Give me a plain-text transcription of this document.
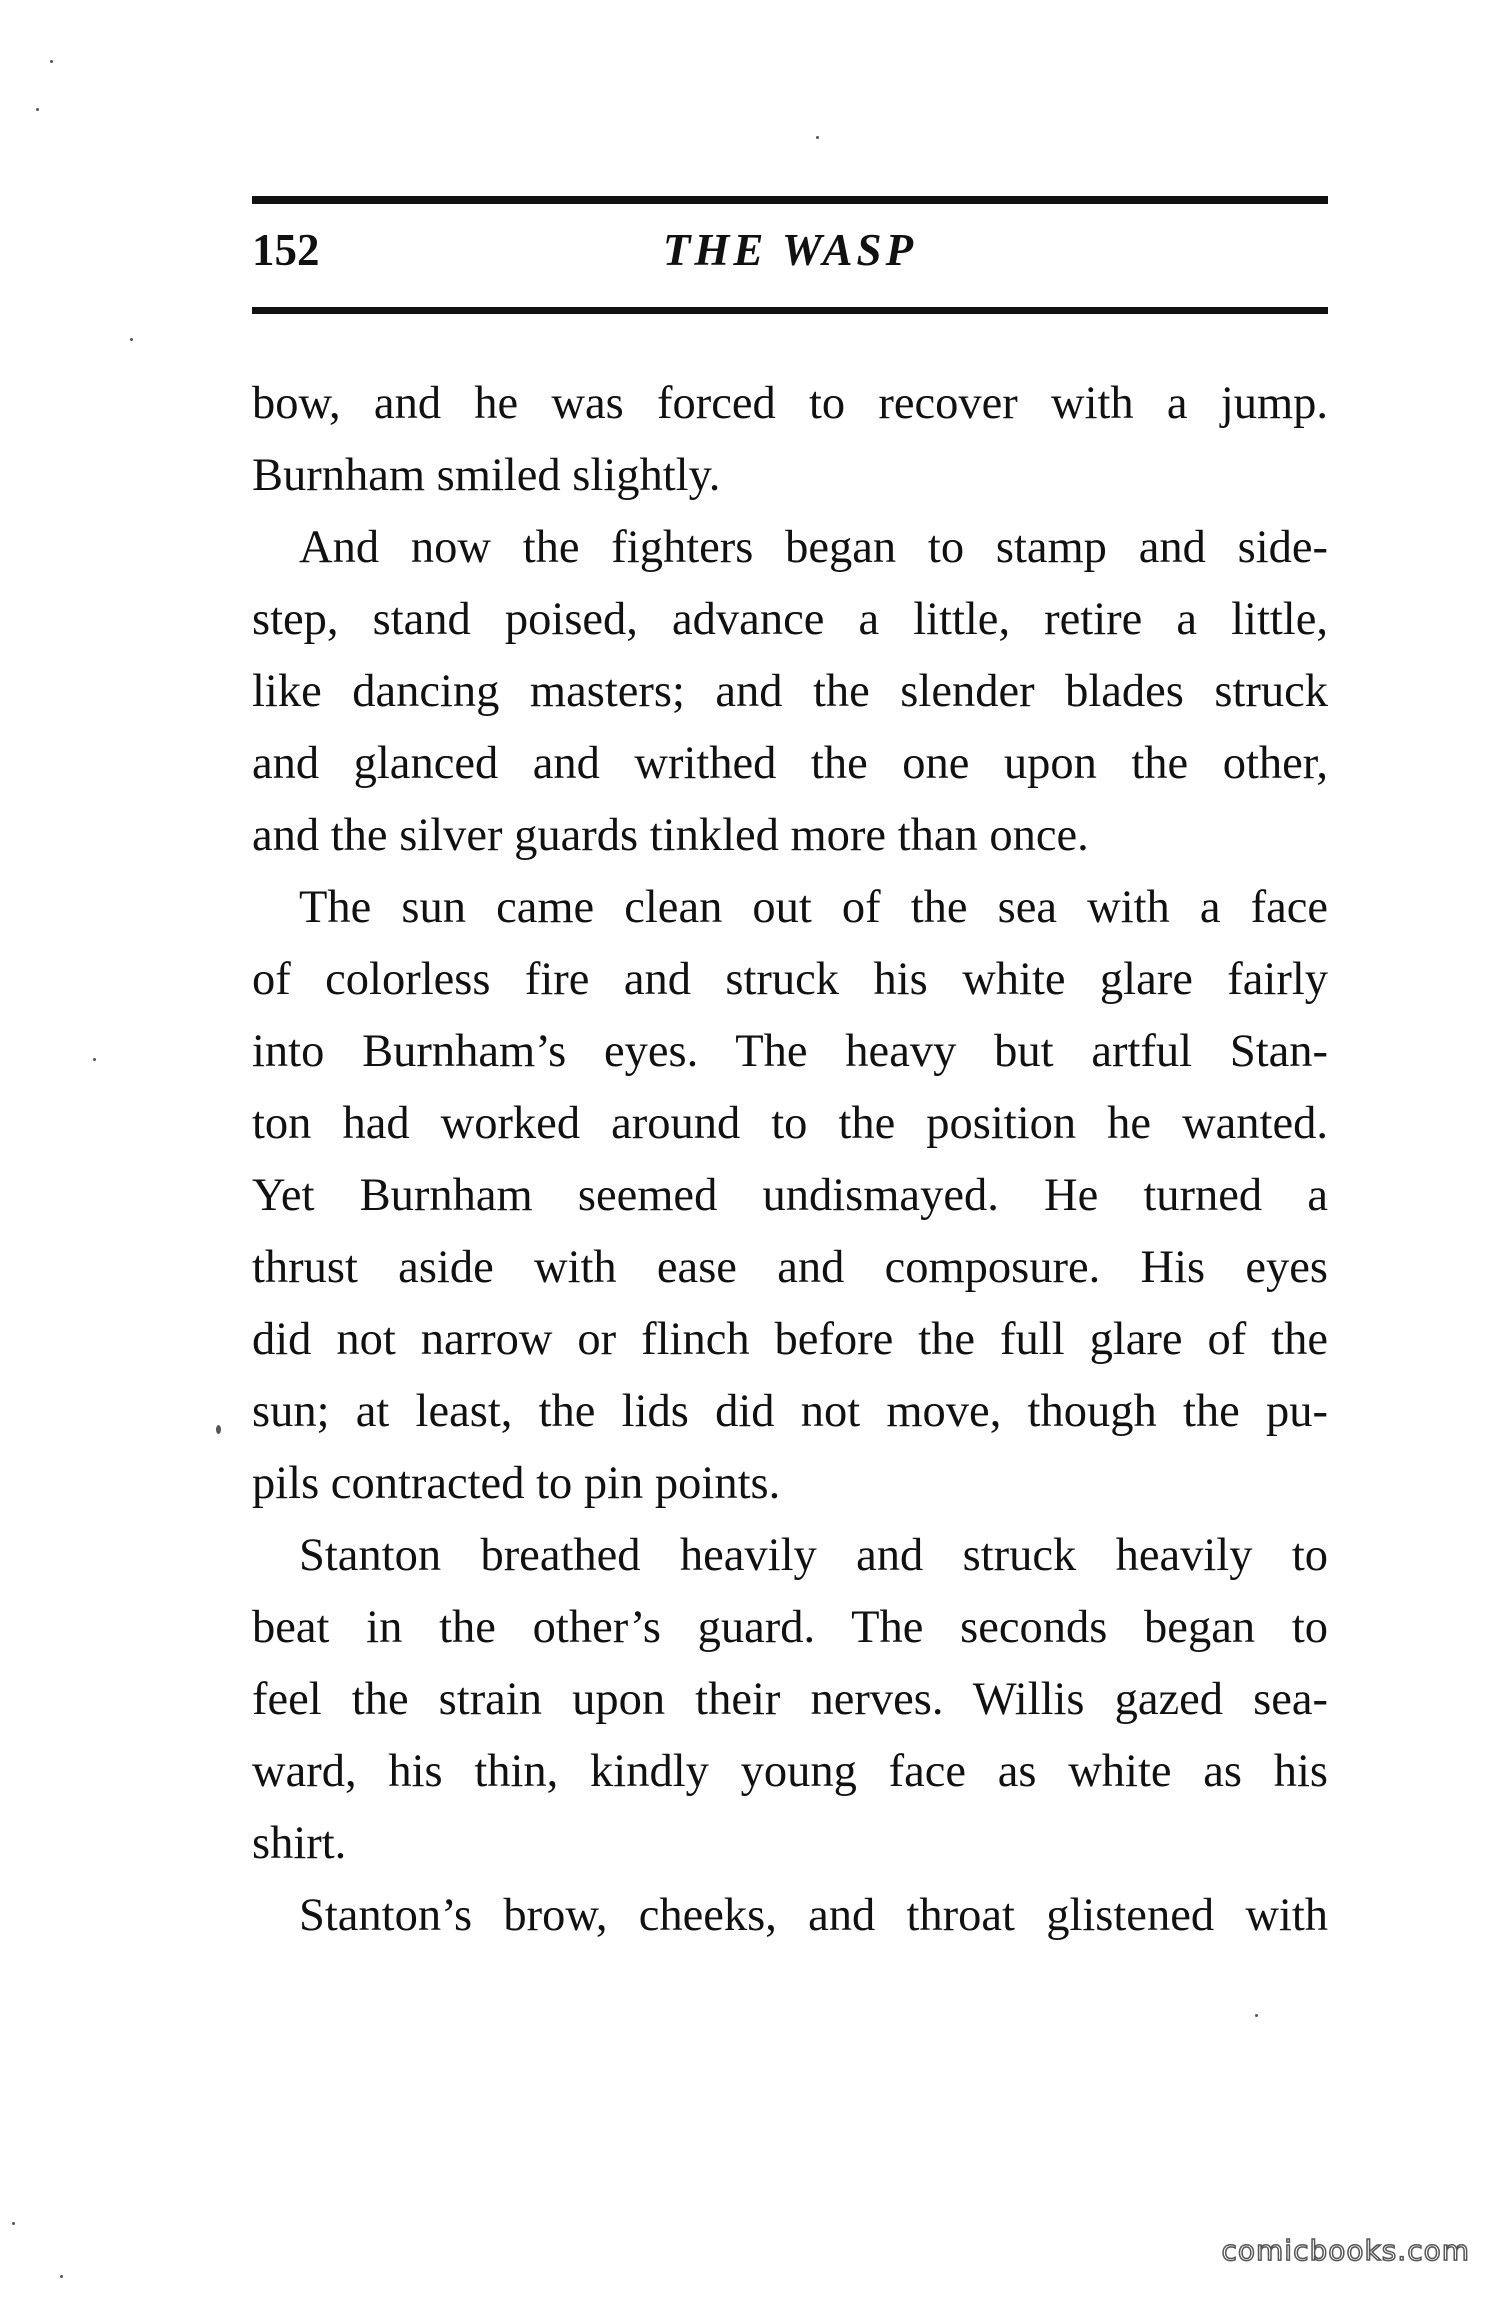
152	THE WASP
bow, and he was forced to recover with a jump.
Burnham smiled slightly.
And now the fighters began to stamp and side-
step, stand poised, advance a little, retire a little,
like dancing masters; and the slender blades struck
and glanced and writhed the one upon the other,
and the silver guards tinkled more than once.
The sun came clean out of the sea with a face
of colorless fire and struck his white glare fairly
into Burnham’s eyes. The heavy but artful Stan-
ton had worked around to the position he wanted.
Yet Burnham seemed undismayed. He turned a
thrust aside with ease and composure. His eyes
did not narrow or flinch before the full glare of the
sun; at least, the lids did not move, though the pu-
pils contracted to pin points.
Stanton breathed heavily and struck heavily to
beat in the other’s guard. The seconds began to
feel the strain upon their nerves. Willis gazed sea-
ward, his thin, kindly young face as white as his
shirt.
Stanton’s brow, cheeks, and throat glistened with
comicbooks.com
